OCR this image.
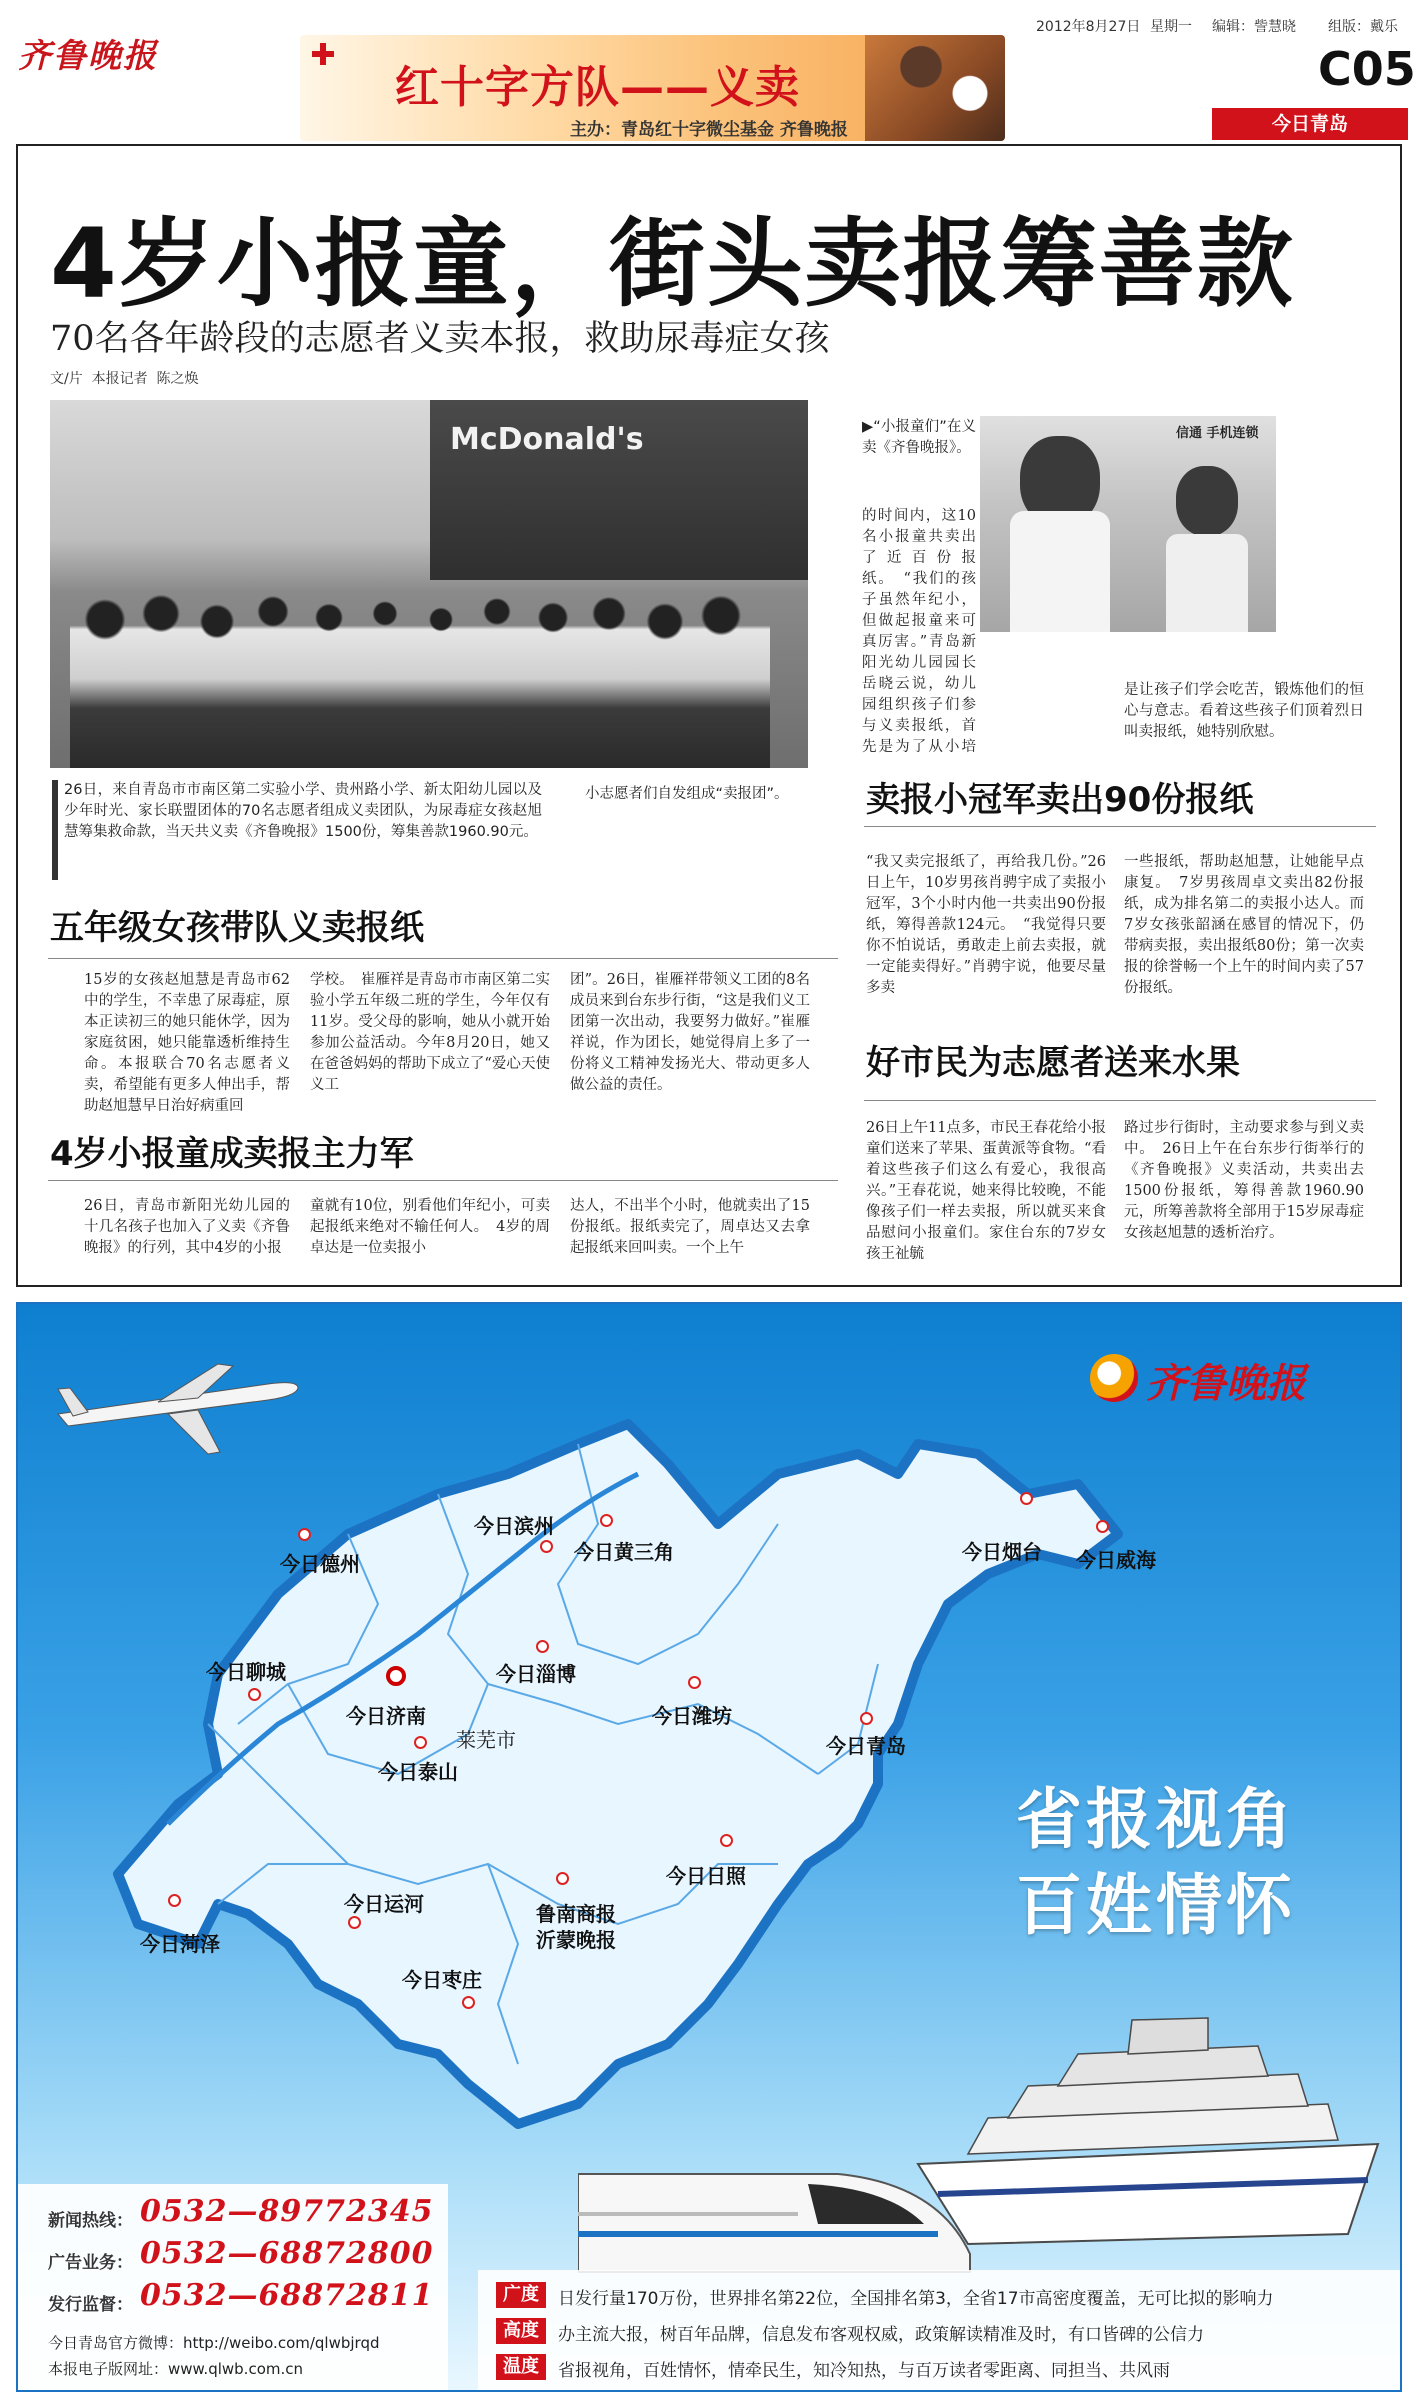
齐鲁晚报
红十字方队——义卖
主办：青岛红十字微尘基金 齐鲁晚报
2012年8月27日 星期一 编辑：訾慧晓 组版：戴乐
C05
今日青岛
4岁小报童，街头卖报筹善款
70名各年龄段的志愿者义卖本报，救助尿毒症女孩
文/片  本报记者  陈之焕
McDonald's
26日，来自青岛市市南区第二实验小学、贵州路小学、新太阳幼儿园以及少年时光、家长联盟团体的70名志愿者组成义卖团队，为尿毒症女孩赵旭慧筹集救命款，当天共义卖《齐鲁晚报》1500份，筹集善款1960.90元。
小志愿者们自发组成“卖报团”。
▶“小报童们”在义卖《齐鲁晚报》。
信通 手机连锁
的时间内，这10名小报童共卖出了近百份报纸。　“我们的孩子虽然年纪小，但做起报童来可真厉害。”青岛新阳光幼儿园园长岳晓云说，幼儿园组织孩子们参与义卖报纸，首先是为了从小培
是让孩子们学会吃苦，锻炼他们的恒心与意志。看着这些孩子们顶着烈日叫卖报纸，她特别欣慰。
卖报小冠军卖出90份报纸
“我又卖完报纸了，再给我几份。”26日上午，10岁男孩肖骋宇成了卖报小冠军，3个小时内他一共卖出90份报纸，筹得善款124元。　“我觉得只要你不怕说话，勇敢走上前去卖报，就一定能卖得好。”肖骋宇说，他要尽量多卖
一些报纸，帮助赵旭慧，让她能早点康复。　7岁男孩周卓文卖出82份报纸，成为排名第二的卖报小达人。而7岁女孩张韶涵在感冒的情况下，仍带病卖报，卖出报纸80份；第一次卖报的徐誉畅一个上午的时间内卖了57份报纸。
好市民为志愿者送来水果
26日上午11点多，市民王春花给小报童们送来了苹果、蛋黄派等食物。“看着这些孩子们这么有爱心，我很高兴。”王春花说，她来得比较晚，不能像孩子们一样去卖报，所以就买来食品慰问小报童们。家住台东的7岁女孩王祉毓
路过步行街时，主动要求参与到义卖中。　26日上午在台东步行街举行的《齐鲁晚报》义卖活动，共卖出去1500份报纸，筹得善款1960.90元，所筹善款将全部用于15岁尿毒症女孩赵旭慧的透析治疗。
五年级女孩带队义卖报纸
15岁的女孩赵旭慧是青岛市62中的学生，不幸患了尿毒症，原本正读初三的她只能休学，因为家庭贫困，她只能靠透析维持生命。本报联合70名志愿者义卖，希望能有更多人伸出手，帮助赵旭慧早日治好病重回
学校。　崔雁祥是青岛市市南区第二实验小学五年级二班的学生，今年仅有11岁。受父母的影响，她从小就开始参加公益活动。今年8月20日，她又在爸爸妈妈的帮助下成立了“爱心天使义工
团”。26日，崔雁祥带领义工团的8名成员来到台东步行街，“这是我们义工团第一次出动，我要努力做好。”崔雁祥说，作为团长，她觉得肩上多了一份将义工精神发扬光大、带动更多人做公益的责任。
4岁小报童成卖报主力军
26日，青岛市新阳光幼儿园的十几名孩子也加入了义卖《齐鲁晚报》的行列，其中4岁的小报
童就有10位，别看他们年纪小，可卖起报纸来绝对不输任何人。　4岁的周卓达是一位卖报小
达人，不出半个小时，他就卖出了15份报纸。报纸卖完了，周卓达又去拿起报纸来回叫卖。一个上午
齐鲁晚报
今日滨州
今日黄三角
今日德州	今日烟台 今日威海
今日聊城	今日淄博
今日济南	今日潍坊
莱芜市
今日泰山
今日青岛
今日运河
今日菏泽
鲁南商报
沂蒙晚报
今日日照
今日枣庄
省报视角
百姓情怀
新闻热线： 0532—89772345
广告业务： 0532—68872800
发行监督： 0532—68872811
今日青岛官方微博：http://weibo.com/qlwbjrqd
本报电子版网址：www.qlwb.com.cn
广度	日发行量170万份，世界排名第22位，全国排名第3，全省17市高密度覆盖，无可比拟的影响力
高度	办主流大报，树百年品牌，信息发布客观权威，政策解读精准及时，有口皆碑的公信力
温度	省报视角，百姓情怀，情牵民生，知冷知热，与百万读者零距离、同担当、共风雨
